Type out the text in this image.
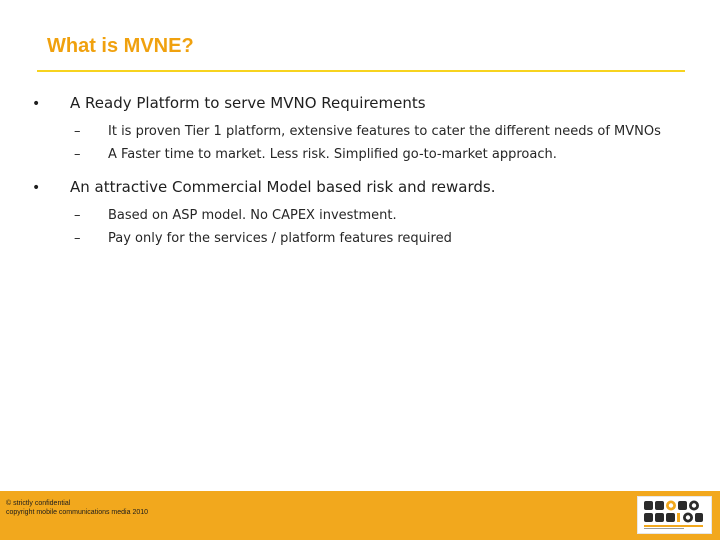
What is MVNE?
•	A Ready Platform to serve MVNO Requirements
–	It is proven Tier 1 platform, extensive features to cater the different needs of MVNOs
–	A Faster time to market. Less risk. Simplified go-to-market approach.
•	An attractive Commercial Model based risk and rewards.
–	Based on ASP model. No CAPEX investment.
–	Pay only for the services / platform features required
© strictly confidential
copyright mobile communications media 2010
